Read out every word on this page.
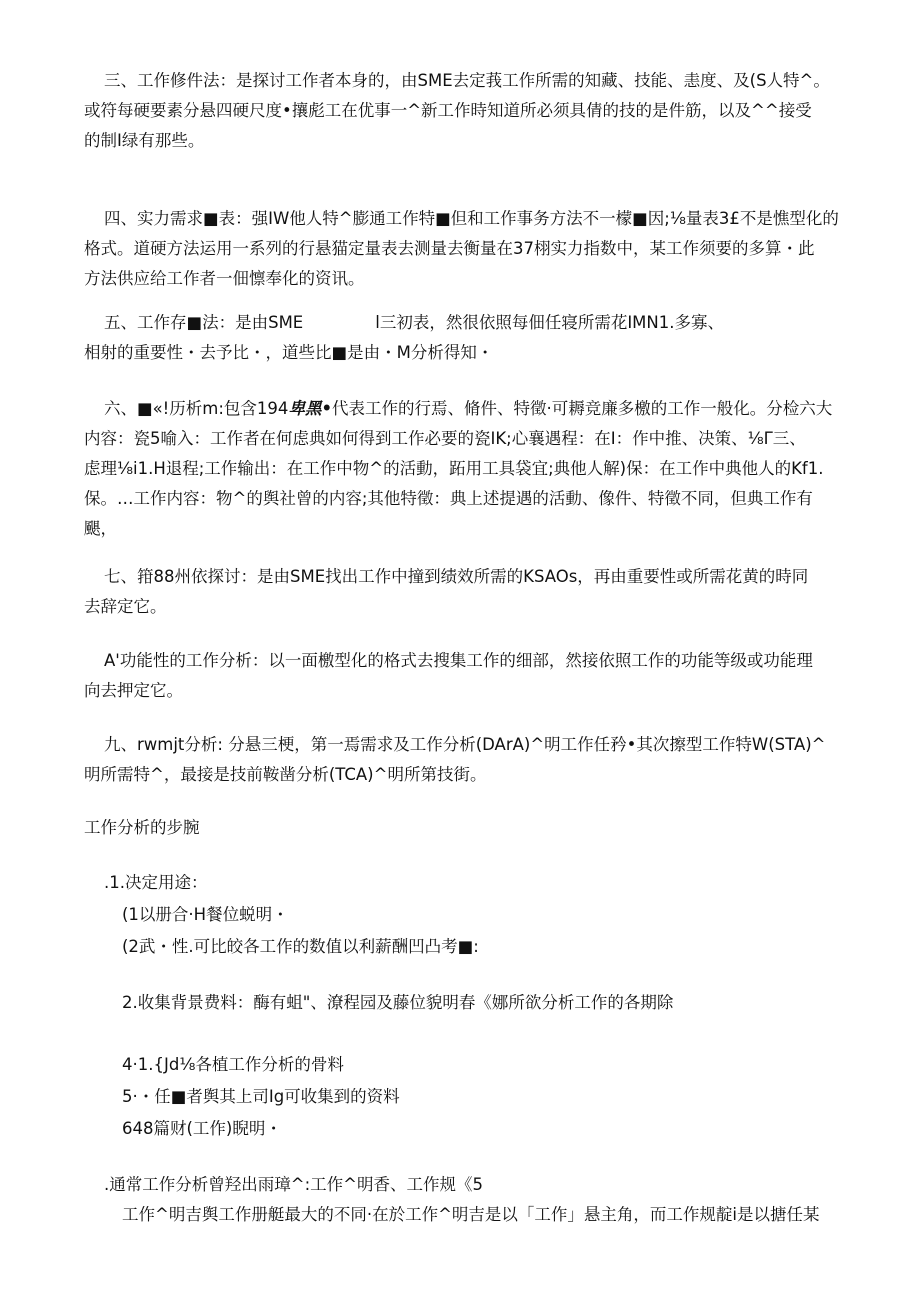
三、工作修件法：是探讨工作者本身的，由SME去定莪工作所需的知藏、技能、恚度、及(S人特^。
或符每硬要素分悬四硬尺度•攘彪工在优事一^新工作時知道所必须具倩的技的是件筋，以及^^接受
的制I绿有那些。
四、实力需求■表：强IW他人特^膨通工作特■但和工作事务方法不一檬■因;⅛量表3£不是憔型化的
格式。道硬方法运用一系列的行悬猫定量表去测量去衡量在37栩实力指数中，某工作须要的多算・此
方法供应给工作者一佃懔奉化的资讯。
五、工作存■法：是由SME	l三初表，然很依照每佃任寝所需花IMN1.多寡、
相射的重要性・去予比・，道些比■是由・M分析得知・
六、■«!历析m:包含194卑黑•代表工作的行焉、脩件、特徵·可耨竞廉多檄的工作一般化。分检六大
内容：瓷5喻入：工作者在何虑典如何得到工作必要的瓷IK;心襄遇程：在I：作中推、决策、⅛Γ三、
虑理⅛i1.H退程;工作输出：在工作中物^的活動，跖用工具袋宜;典他人解)保：在工作中典他人的Kf1.
保。…工作内容：物^的舆社曾的内容;其他特徵：典上述提遇的活動、像件、特徵不同，但典工作有
颶，
七、箝88州依探讨：是由SME找出工作中撞到绩效所需的KSAOs，再由重要性或所需花黄的時同
去辞定它。
A'功能性的工作分析：以一面檄型化的格式去搜集工作的细部，然接依照工作的功能等级或功能理
向去押定它。
九、rwmjt分析: 分悬三梗，第一焉需求及工作分析(DArA)^明工作任矜•其次擦型工作特W(STA)^
明所需特^，最接是技前鞍凿分析(TCA)^明所第技街。
工作分析的步腕
.1.决定用途：
(1以册合·H餐位蜕明・
(2武・性.可比皎各工作的数值以利薪酬凹凸考■:
2.收集背景费料：酶有蛆"、潦程园及藤位貌明春《娜所欲分析工作的各期除
4·1.{Jd⅛各植工作分析的骨料
5·・任■者舆其上司Ig可收集到的资料
648篇财(工作)睨明・
.通常工作分析曾羟出雨璋^:工作^明香、工作规《5
工作^明吉舆工作册艇最大的不同·在於工作^明吉是以「工作」悬主角，而工作规靛i是以搪任某
